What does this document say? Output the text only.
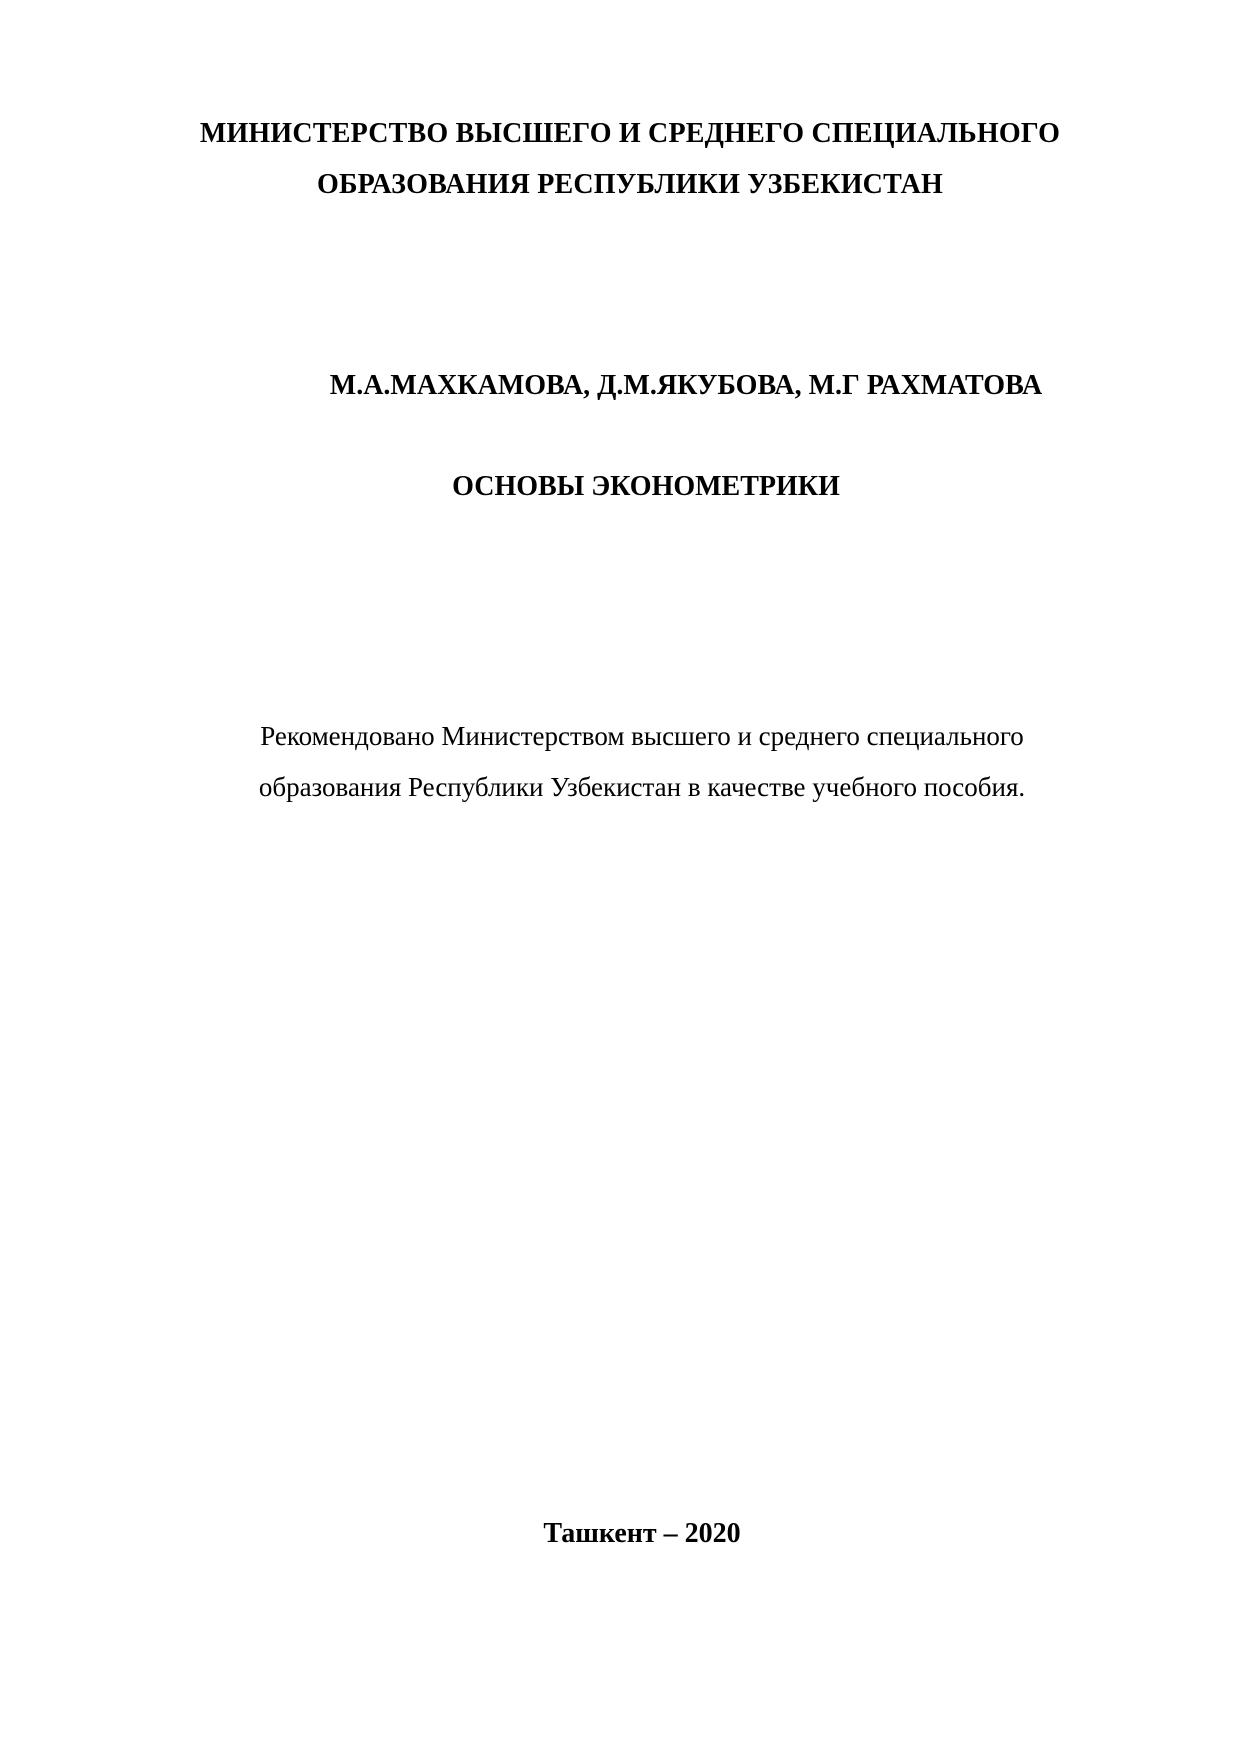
МИНИСТЕРСТВО ВЫСШЕГО И СРЕДНЕГО СПЕЦИАЛЬНОГО
ОБРАЗОВАНИЯ РЕСПУБЛИКИ УЗБЕКИСТАН
М.А.МАХКАМОВА, Д.М.ЯКУБОВА, М.Г РАХМАТОВА
ОСНОВЫ ЭКОНОМЕТРИКИ
Рекомендовано Министерством высшего и среднего специального
образования Республики Узбекистан в качестве учебного пособия.
Ташкент – 2020
